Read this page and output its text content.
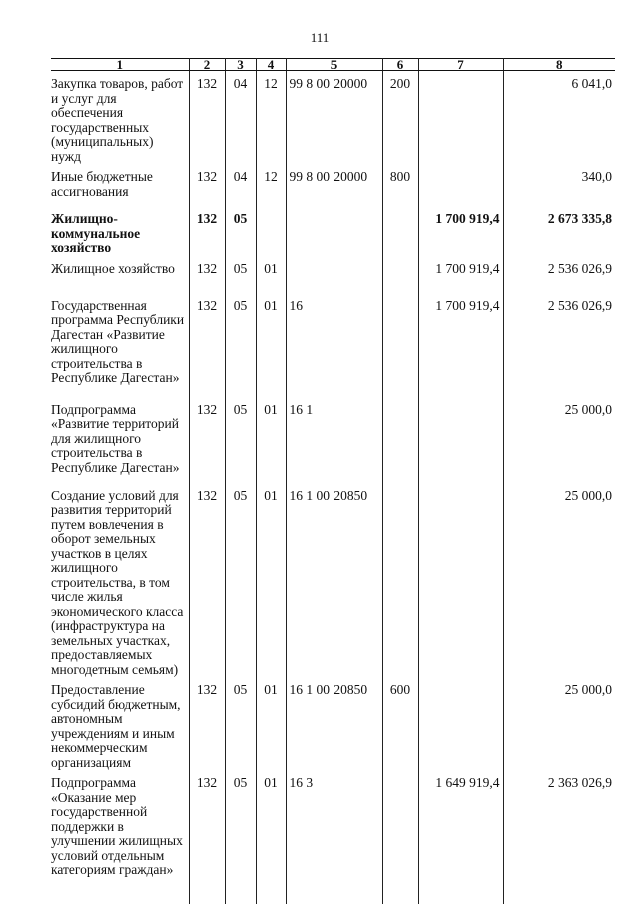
111
1	2	3	4	5	6	7	8
Закупка товаров, работ и услуг для обеспечения государственных (муниципальных) нужд	132	04	12	99 8 00 20000	200		6 041,0
Иные бюджетные ассигнования	132	04	12	99 8 00 20000	800		340,0
Жилищно-коммунальное хозяйство	132	05				1 700 919,4	2 673 335,8
Жилищное хозяйство	132	05	01			1 700 919,4	2 536 026,9
Государственная программа Республики Дагестан «Развитие жилищного строительства в Республике Дагестан»	132	05	01	16		1 700 919,4	2 536 026,9
Подпрограмма «Развитие территорий для жилищного строительства в Республике Дагестан»	132	05	01	16 1			25 000,0
Создание условий для развития территорий путем вовлечения в оборот земельных участков в целях жилищного строительства, в том числе жилья экономического класса (инфраструктура на земельных участках, предоставляемых многодетным семьям)	132	05	01	16 1 00 20850			25 000,0
Предоставление субсидий бюджетным, автономным учреждениям и иным некоммерческим организациям	132	05	01	16 1 00 20850	600		25 000,0
Подпрограмма «Оказание мер государственной поддержки в улучшении жилищных условий отдельным категориям граждан»	132	05	01	16 3		1 649 919,4	2 363 026,9
